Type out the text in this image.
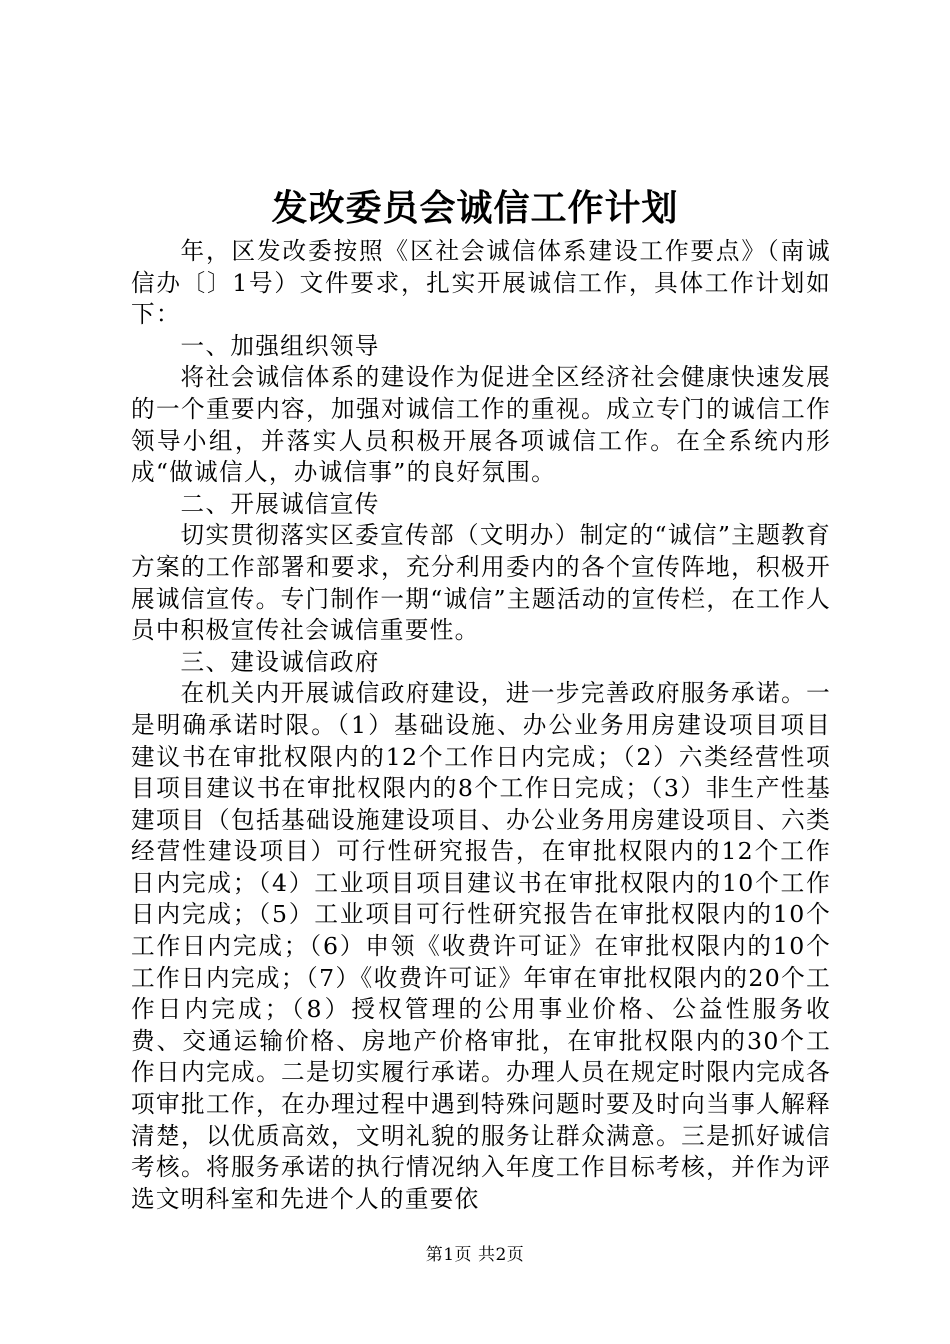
发改委员会诚信工作计划

年，区发改委按照《区社会诚信体系建设工作要点》（南诚信办〔〕1号）文件要求，扎实开展诚信工作，具体工作计划如下：

一、加强组织领导

将社会诚信体系的建设作为促进全区经济社会健康快速发展的一个重要内容，加强对诚信工作的重视。成立专门的诚信工作领导小组，并落实人员积极开展各项诚信工作。在全系统内形成“做诚信人，办诚信事”的良好氛围。

二、开展诚信宣传

切实贯彻落实区委宣传部（文明办）制定的“诚信”主题教育方案的工作部署和要求，充分利用委内的各个宣传阵地，积极开展诚信宣传。专门制作一期“诚信”主题活动的宣传栏，在工作人员中积极宣传社会诚信重要性。

三、建设诚信政府

在机关内开展诚信政府建设，进一步完善政府服务承诺。一是明确承诺时限。（1）基础设施、办公业务用房建设项目项目建议书在审批权限内的12个工作日内完成；（2）六类经营性项目项目建议书在审批权限内的8个工作日完成；（3）非生产性基建项目（包括基础设施建设项目、办公业务用房建设项目、六类经营性建设项目）可行性研究报告，在审批权限内的12个工作日内完成；（4）工业项目项目建议书在审批权限内的10个工作日内完成；（5）工业项目可行性研究报告在审批权限内的10个工作日内完成；（6）申领《收费许可证》在审批权限内的10个工作日内完成；（7）《收费许可证》年审在审批权限内的20个工作日内完成；（8）授权管理的公用事业价格、公益性服务收费、交通运输价格、房地产价格审批，在审批权限内的30个工作日内完成。二是切实履行承诺。办理人员在规定时限内完成各项审批工作，在办理过程中遇到特殊问题时要及时向当事人解释清楚，以优质高效，文明礼貌的服务让群众满意。三是抓好诚信考核。将服务承诺的执行情况纳入年度工作目标考核，并作为评选文明科室和先进个人的重要依

第1页 共2页
